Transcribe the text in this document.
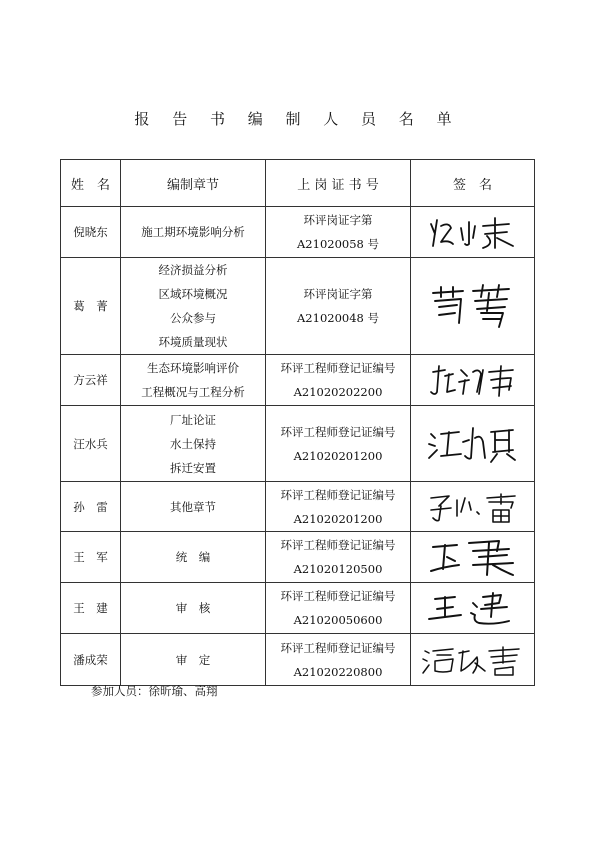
报 告 书 编 制 人 员 名 单
姓　名	编制章节	上 岗 证 书 号	签　名
倪晓东	施工期环境影响分析	环评岗证字第
A21020058 号

葛　菁	经济损益分析
区域环境概况
公众参与
环境质量现状	环评岗证字第
A21020048 号

方云祥	生态环境影响评价
工程概况与工程分析	环评工程师登记证编号
A21020202200

汪水兵	厂址论证
水土保持
拆迁安置	环评工程师登记证编号
A21020201200

孙　雷	其他章节	环评工程师登记证编号
A21020201200

王　军	统　编	环评工程师登记证编号
A21020120500

王　建	审　核	环评工程师登记证编号
A21020050600

潘成荣	审　定	环评工程师登记证编号
A21020220800

参加人员：徐昕瑜、高翔
